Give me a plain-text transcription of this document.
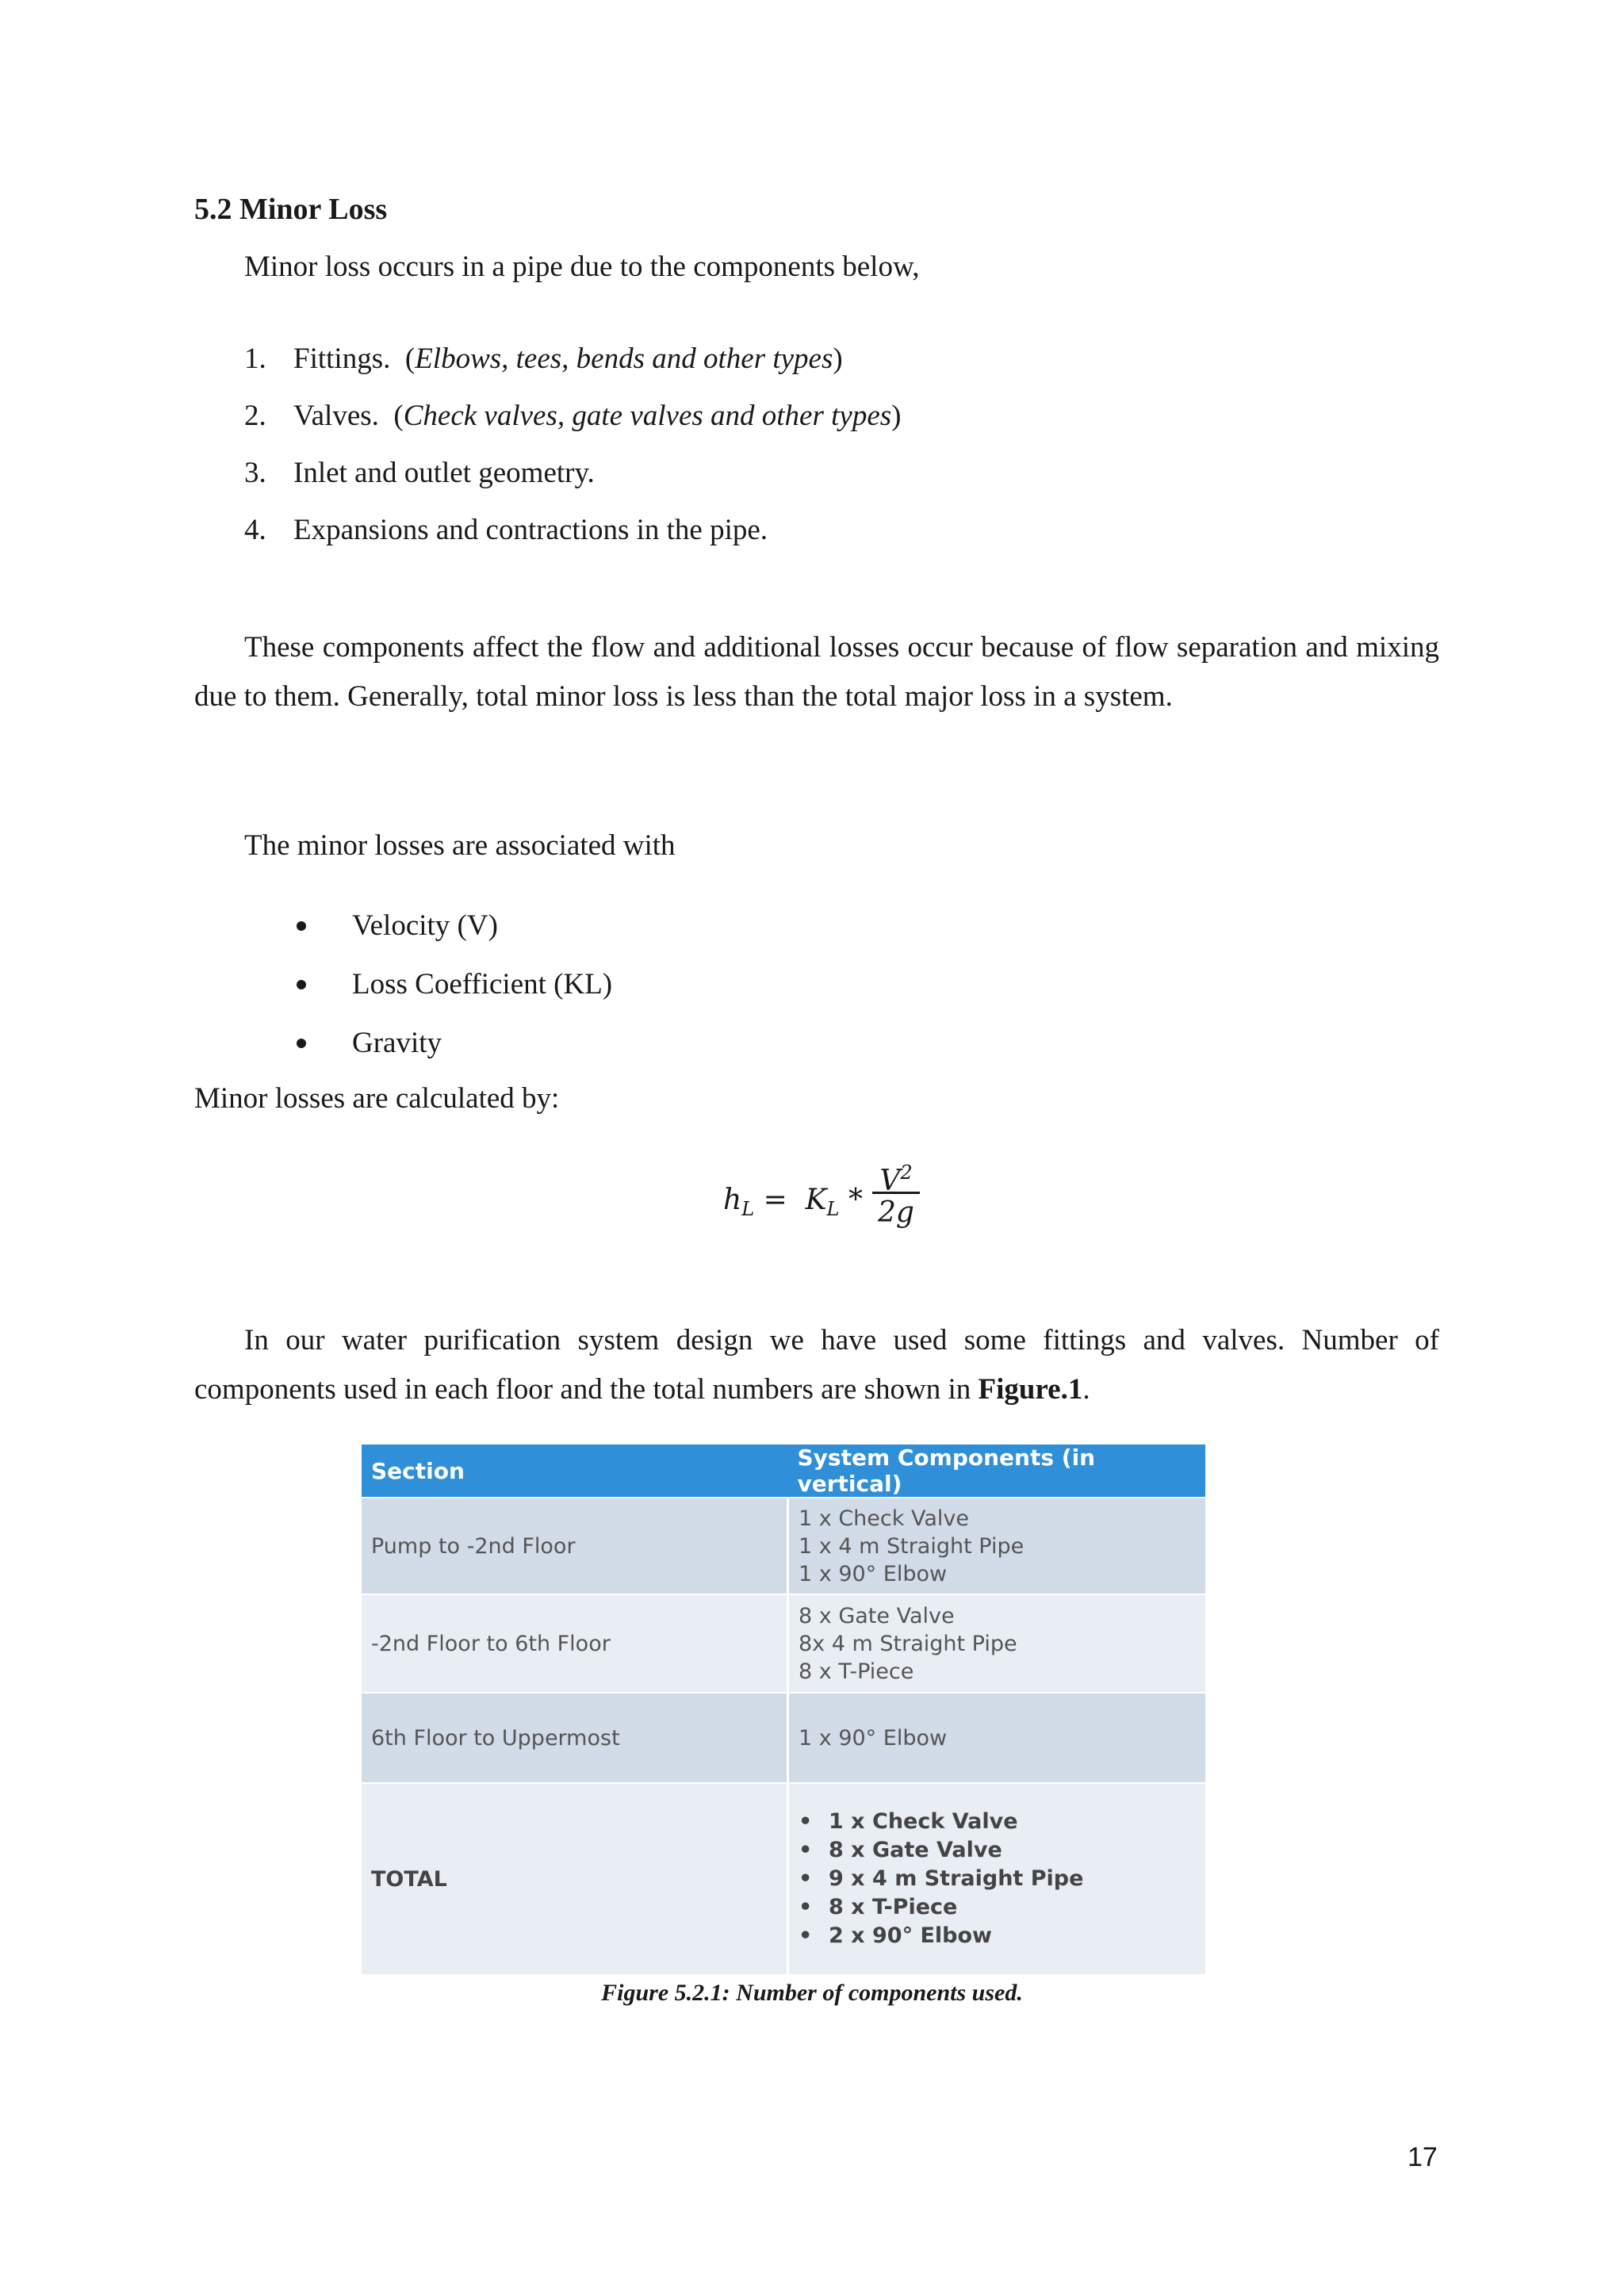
5.2 Minor Loss
Minor loss occurs in a pipe due to the components below,
1. Fittings.  (Elbows, tees, bends and other types)
2. Valves.  (Check valves, gate valves and other types)
3. Inlet and outlet geometry.
4. Expansions and contractions in the pipe.
These components affect the flow and additional losses occur because of flow separation and mixing due to them. Generally, total minor loss is less than the total major loss in a system.
The minor losses are associated with
Velocity (V)
Loss Coefficient (KL)
Gravity
Minor losses are calculated by:
$h_L = K_L$ *
$V^2$
2g
In our water purification system design we have used some fittings and valves. Number of components used in each floor and the total numbers are shown in Figure.1.
Section	System Components (in vertical)
Pump to -2nd Floor	1 x Check Valve
1 x 4 m Straight Pipe
1 x 90° Elbow

-2nd Floor to 6th Floor	8 x Gate Valve
8x 4 m Straight Pipe
8 x T-Piece

6th Floor to Uppermost	1 x 90° Elbow

TOTAL	• 1 x Check Valve
• 8 x Gate Valve
• 9 x 4 m Straight Pipe
• 8 x T-Piece
• 2 x 90° Elbow
Figure 5.2.1: Number of components used.
17
